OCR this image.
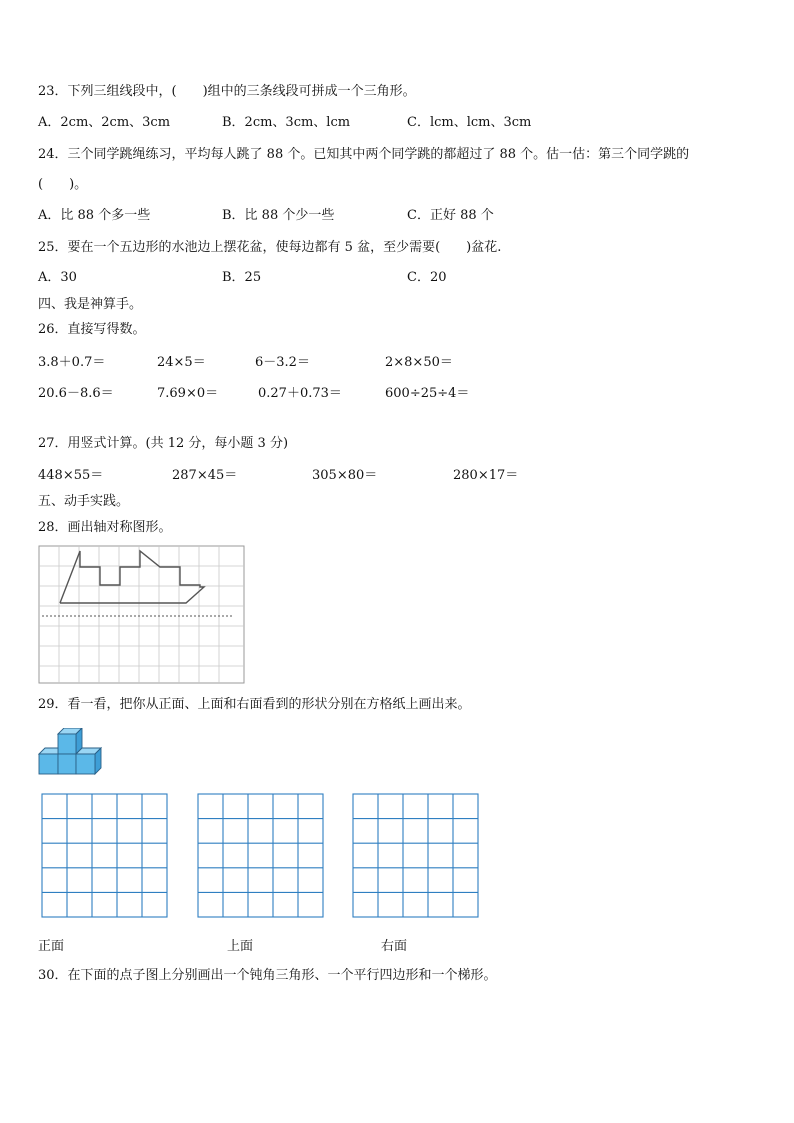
23．下列三组线段中，(　　)组中的三条线段可拼成一个三角形。
A．2cm、2cm、3cm	B．2cm、3cm、lcm	C．lcm、lcm、3cm
24．三个同学跳绳练习，平均每人跳了 88 个。已知其中两个同学跳的都超过了 88 个。估一估：第三个同学跳的
(　　)。
A．比 88 个多一些	B．比 88 个少一些	C．正好 88 个
25．要在一个五边形的水池边上摆花盆，使每边都有 5 盆，至少需要(　　)盆花.
A．30	B．25	C．20
四、我是神算手。
26．直接写得数。
3.8＋0.7＝	24×5＝	6－3.2＝	2×8×50＝
20.6－8.6＝	7.69×0＝	0.27＋0.73＝	600÷25÷4＝
27．用竖式计算。(共 12 分，每小题 3 分)
448×55＝	287×45＝	305×80＝	280×17＝
五、动手实践。
28．画出轴对称图形。
29．看一看，把你从正面、上面和右面看到的形状分别在方格纸上画出来。
正面	上面	右面
30．在下面的点子图上分别画出一个钝角三角形、一个平行四边形和一个梯形。
